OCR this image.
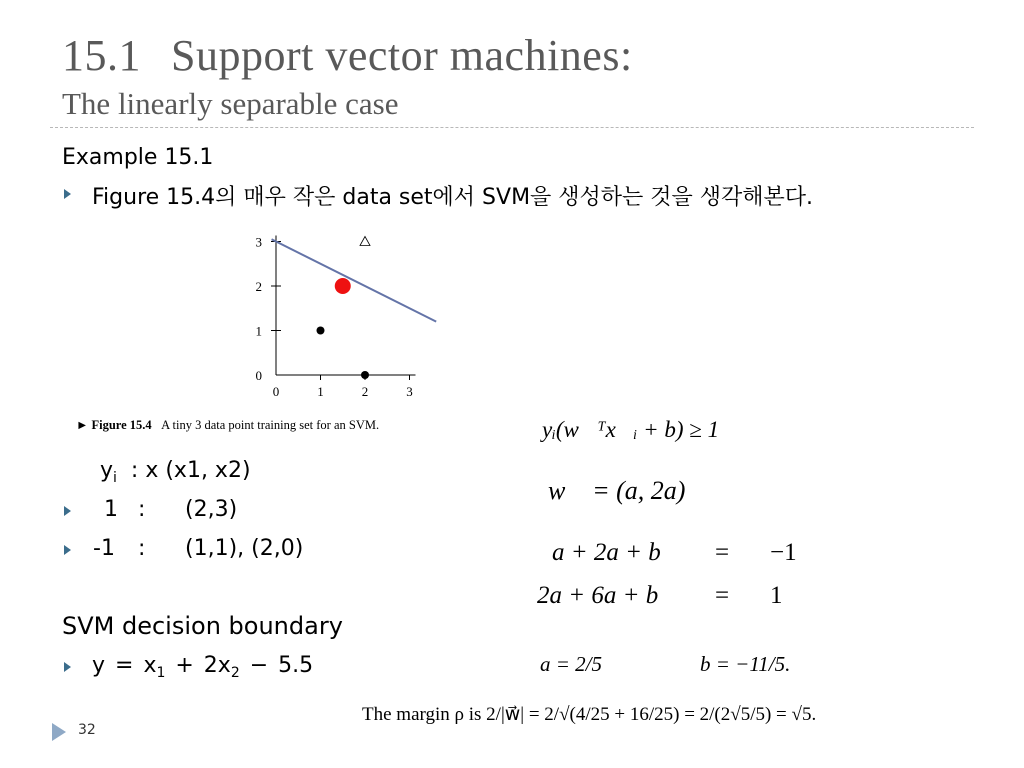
15.1 Support vector machines:
The linearly separable case
Example 15.1
Figure 15.4의 매우 작은 data set에서 SVM을 생성하는 것을 생각해본다.
0	1	2	3
0
1
2
3
► Figure 15.4 A tiny 3 data point training set for an SVM.
$y_i$ : x (x1, x2)
1 : (2,3)
-1 : (1,1), (2,0)
SVM decision boundary
$y = x_1 + 2x_2 - 5.5$
yᵢ(w⃗ᵀx⃗ᵢ + b) ≥ 1
w⃗ = (a, 2a)
a + 2a + b = −1
2a + 6a + b = 1
a = 2/5	b = −11/5.
The margin ρ is 2/|w⃗| = 2/√(4/25 + 16/25) = 2/(2√5/5) = √5.
32
